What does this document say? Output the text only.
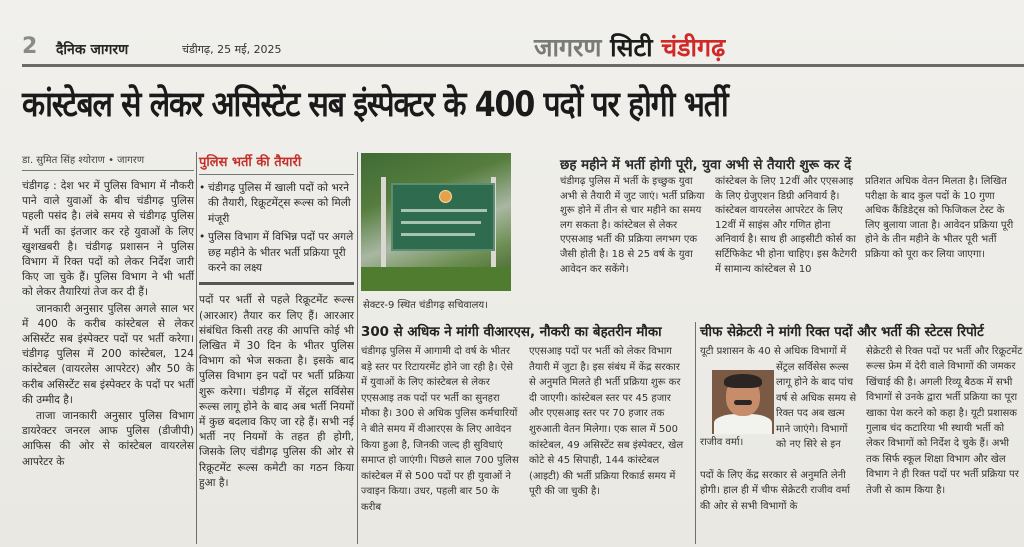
2 दैनिक जागरण	चंडीगढ़, 25 मई, 2025	जागरण सिटी चंडीगढ़
कांस्टेबल से लेकर असिस्टेंट सब इंस्पेक्टर के 400 पदों पर होगी भर्ती
डा. सुमित सिंह श्योराण • जागरण

चंडीगढ़ : देश भर में पुलिस विभाग में नौकरी पाने वाले युवाओं के बीच चंडीगढ़ पुलिस पहली पसंद है। लंबे समय से चंडीगढ़ पुलिस में भर्ती का इंतजार कर रहे युवाओं के लिए खुशखबरी है। चंडीगढ़ प्रशासन ने पुलिस विभाग में रिक्त पदों को लेकर निर्देश जारी किए जा चुके हैं। पुलिस विभाग ने भी भर्ती को लेकर तैयारियां तेज कर दी हैं।

जानकारी अनुसार पुलिस अगले साल भर में 400 के करीब कांस्टेबल से लेकर असिस्टेंट सब इंस्पेक्टर पदों पर भर्ती करेगा। चंडीगढ़ पुलिस में 200 कांस्टेबल, 124 कांस्टेबल (वायरलेस आपरेटर) और 50 के करीब असिस्टेंट सब इंस्पेक्टर के पदों पर भर्ती की उम्मीद है।

ताजा जानकारी अनुसार पुलिस विभाग डायरेक्टर जनरल आफ पुलिस (डीजीपी) आफिस की ओर से कांस्टेबल वायरलेस आपरेटर के

पुलिस भर्ती की तैयारी
• चंडीगढ़ पुलिस में खाली पदों को भरने की तैयारी, रिक्रूटमेंट्स रूल्स को मिली मंजूरी
• पुलिस विभाग में विभिन्न पदों पर अगले छह महीने के भीतर भर्ती प्रक्रिया पूरी करने का लक्ष्य

पदों पर भर्ती से पहले रिक्रूटमेंट रूल्स (आरआर) तैयार कर लिए हैं। आरआर संबंधित किसी तरह की आपत्ति कोई भी लिखित में 30 दिन के भीतर पुलिस विभाग को भेज सकता है। इसके बाद पुलिस विभाग इन पदों पर भर्ती प्रक्रिया शुरू करेगा। चंडीगढ़ में सेंट्रल सर्विसेस रूल्स लागू होने के बाद अब भर्ती नियमों में कुछ बदलाव किए जा रहे हैं। सभी नई भर्ती नए नियमों के तहत ही होगी, जिसके लिए चंडीगढ़ पुलिस की ओर से रिक्रूटमेंट रूल्स कमेटी का गठन किया हुआ है।

सेक्टर-9 स्थित चंडीगढ़ सचिवालय।
छह महीने में भर्ती होगी पूरी, युवा अभी से तैयारी शुरू कर दें
चंडीगढ़ पुलिस में भर्ती के इच्छुक युवा अभी से तैयारी में जुट जाएं। भर्ती प्रक्रिया शुरू होने में तीन से चार महीने का समय लग सकता है। कांस्टेबल से लेकर एएसआइ भर्ती की प्रक्रिया लगभग एक जैसी होती है। 18 से 25 वर्ष के युवा आवेदन कर सकेंगे।
कांस्टेबल के लिए 12वीं और एएसआइ के लिए ग्रेजुएशन डिग्री अनिवार्य है। कांस्टेबल वायरलेस आपरेटर के लिए 12वीं में साइंस और गणित होना अनिवार्य है। साथ ही आइसीटी कोर्स का सर्टिफिकेट भी होना चाहिए। इस कैटेगरी में सामान्य कांस्टेबल से 10
प्रतिशत अधिक वेतन मिलता है। लिखित परीक्षा के बाद कुल पदों के 10 गुणा अधिक कैंडिडेट्स को फिजिकल टेस्ट के लिए बुलाया जाता है। आवेदन प्रक्रिया पूरी होने के तीन महीने के भीतर पूरी भर्ती प्रक्रिया को पूरा कर लिया जाएगा।
300 से अधिक ने मांगी वीआरएस, नौकरी का बेहतरीन मौका
चंडीगढ़ पुलिस में आगामी दो वर्ष के भीतर बड़े स्तर पर रिटायरमेंट होने जा रही है। ऐसे में युवाओं के लिए कांस्टेबल से लेकर एएसआइ तक पदों पर भर्ती का सुनहरा मौका है। 300 से अधिक पुलिस कर्मचारियों ने बीते समय में वीआरएस के लिए आवेदन किया हुआ है, जिनकी जल्द ही सुविधाएं समाप्त हो जाएंगी। पिछले साल 700 पुलिस कांस्टेबल में से 500 पदों पर ही युवाओं ने ज्वाइन किया। उधर, पहली बार 50 के करीब
एएसआइ पदों पर भर्ती को लेकर विभाग तैयारी में जुटा है। इस संबंध में केंद्र सरकार से अनुमति मिलते ही भर्ती प्रक्रिया शुरू कर दी जाएगी। कांस्टेबल स्तर पर 45 हजार और एएसआइ स्तर पर 70 हजार तक शुरुआती वेतन मिलेगा। एक साल में 500 कांस्टेबल, 49 असिस्टेंट सब इंस्पेक्टर, खेल कोटे से 45 सिपाही, 144 कांस्टेबल (आइटी) की भर्ती प्रक्रिया रिकार्ड समय में पूरी की जा चुकी है।
चीफ सेक्रेटरी ने मांगी रिक्त पदों और भर्ती की स्टेटस रिपोर्ट
यूटी प्रशासन के 40 से अधिक विभागों में
राजीव वर्मा।
सेंट्रल सर्विसेस रूल्स लागू होने के बाद पांच वर्ष से अधिक समय से रिक्त पद अब खत्म माने जाएंगे। विभागों को नए सिरे से इन
पदों के लिए केंद्र सरकार से अनुमति लेनी होगी। हाल ही में चीफ सेक्रेटरी राजीव वर्मा की ओर से सभी विभागों के
सेक्रेटरी से रिक्त पदों पर भर्ती और रिक्रूटमेंट रूल्स फ्रेम में देरी वाले विभागों की जमकर खिंचाई की है। अगली रिव्यू बैठक में सभी विभागों से उनके द्वारा भर्ती प्रक्रिया का पूरा खाका पेश करने को कहा है। यूटी प्रशासक गुलाब चंद कटारिया भी स्थायी भर्ती को लेकर विभागों को निर्देश दे चुके हैं। अभी तक सिर्फ स्कूल शिक्षा विभाग और खेल विभाग ने ही रिक्त पदों पर भर्ती प्रक्रिया पर तेजी से काम किया है।
